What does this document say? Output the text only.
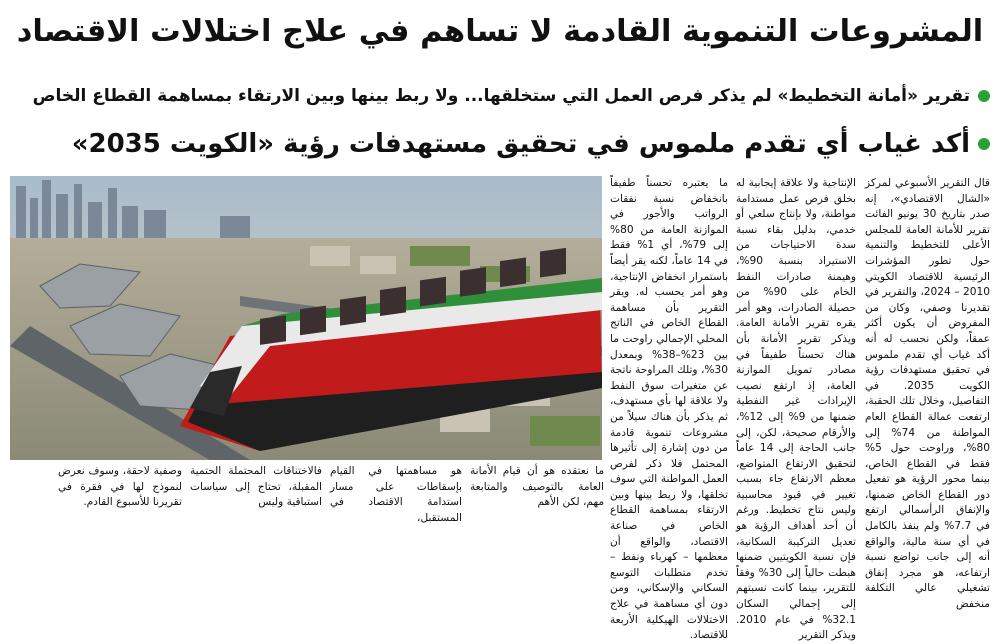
المشروعات التنموية القادمة لا تساهم في علاج اختلالات الاقتصاد
تقرير «أمانة التخطيط» لم يذكر فرص العمل التي ستخلقها... ولا ربط بينها وبين الارتقاء بمساهمة القطاع الخاص
أكد غياب أي تقدم ملموس في تحقيق مستهدفات رؤية «الكويت 2035»
قال التقرير الأسبوعي لمركز «الشال الاقتصادي»، إنه صدر بتاريخ 30 يونيو الفائت تقرير للأمانة العامة للمجلس الأعلى للتخطيط والتنمية حول تطور المؤشرات الرئيسية للاقتصاد الكويتي 2010 – 2024، والتقرير في تقديرنا وصفي، وكان من المفروض أن يكون أكثر عمقاً، ولكن نحسب له أنه أكد غياب أي تقدم ملموس في تحقيق مستهدفات رؤية الكويت 2035. في التفاصيل، وخلال تلك الحقبة، ارتفعت عمالة القطاع العام المواطنة من 74% إلى 80%، وراوحت حول 5% فقط في القطاع الخاص، بينما محور الرؤية هو تفعيل دور القطاع الخاص ضمنها، والإنفاق الرأسمالي ارتفع في 7.7% ولم ينفذ بالكامل في أي سنة مالية، والواقع أنه إلى جانب تواضع نسبة ارتفاعه، هو مجرد إنفاق تشغيلي عالي التكلفة منخفض
الإنتاجية ولا علاقة إيجابية له بخلق فرص عمل مستدامة مواطنة، ولا بإنتاج سلعي أو خدمي، بدليل بقاء نسبة سدة الاحتياجات من الاستيراد بنسبة 90%، وهيمنة صادرات النفط الخام على 90% من حصيلة الصادرات، وهو أمر يقره تقرير الأمانة العامة. ويذكر تقرير الأمانة بأن هناك تحسناً طفيفاً في مصادر تمويل الموازنة العامة، إذ ارتفع نصيب الإيرادات غير النفطية ضمنها من 9% إلى 12%، والأرقام صحيحة، لكن، إلى جانب الحاجة إلى 14 عاماً لتحقيق الارتفاع المتواضع، معظم الارتفاع جاء بسبب تغيير في قيود محاسبية وليس نتاج تخطيط. ورغم أن أحد أهداف الرؤية هو تعديل التركيبة السكانية، فإن نسبة الكويتيين ضمنها هبطت حالياً إلى 30% وفقاً للتقرير، بينما كانت نسبتهم إلى إجمالي السكان 32.1% في عام 2010. ويذكر التقرير
ما يعتبره تحسناً طفيفاً بانخفاض نسبة نفقات الرواتب والأجور في الموازنة العامة من 80% إلى 79%، أي 1% فقط في 14 عاماً، لكنه يقر أيضاً باستمرار انخفاض الإنتاجية، وهو أمر يحسب له. ويقر التقرير بأن مساهمة القطاع الخاص في الناتج المحلي الإجمالي راوحت ما بين 23%–38% وبمعدل 30%، وتلك المراوحة ناتجة عن متغيرات سوق النفط ولا علاقة لها بأي مستهدف، ثم يذكر بأن هناك سيلاً من مشروعات تنموية قادمة من دون إشارة إلى تأثيرها المحتمل فلا ذكر لفرص العمل المواطنة التي سوف تخلقها، ولا ربط بينها وبين الارتقاء بمساهمة القطاع الخاص في صناعة الاقتصاد، والواقع أن معظمها – كهرباء ونفط – تخدم متطلبات التوسع السكاني والإسكاني، ومن دون أي مساهمة في علاج الاختلالات الهيكلية الأربعة للاقتصاد.
ما نعتقده هو أن قيام الأمانة العامة بالتوصيف والمتابعة مهم، لكن الأهم
هو مساهمتها في القيام بإسقاطات على مسار استدامة الاقتصاد في المستقبل،
فالاختناقات المحتملة الحتمية المقبلة، تحتاج إلى سياسات استباقية وليس
وصفية لاحقة، وسوف نعرض لنموذج لها في فقرة في تقريرنا للأسبوع القادم.
